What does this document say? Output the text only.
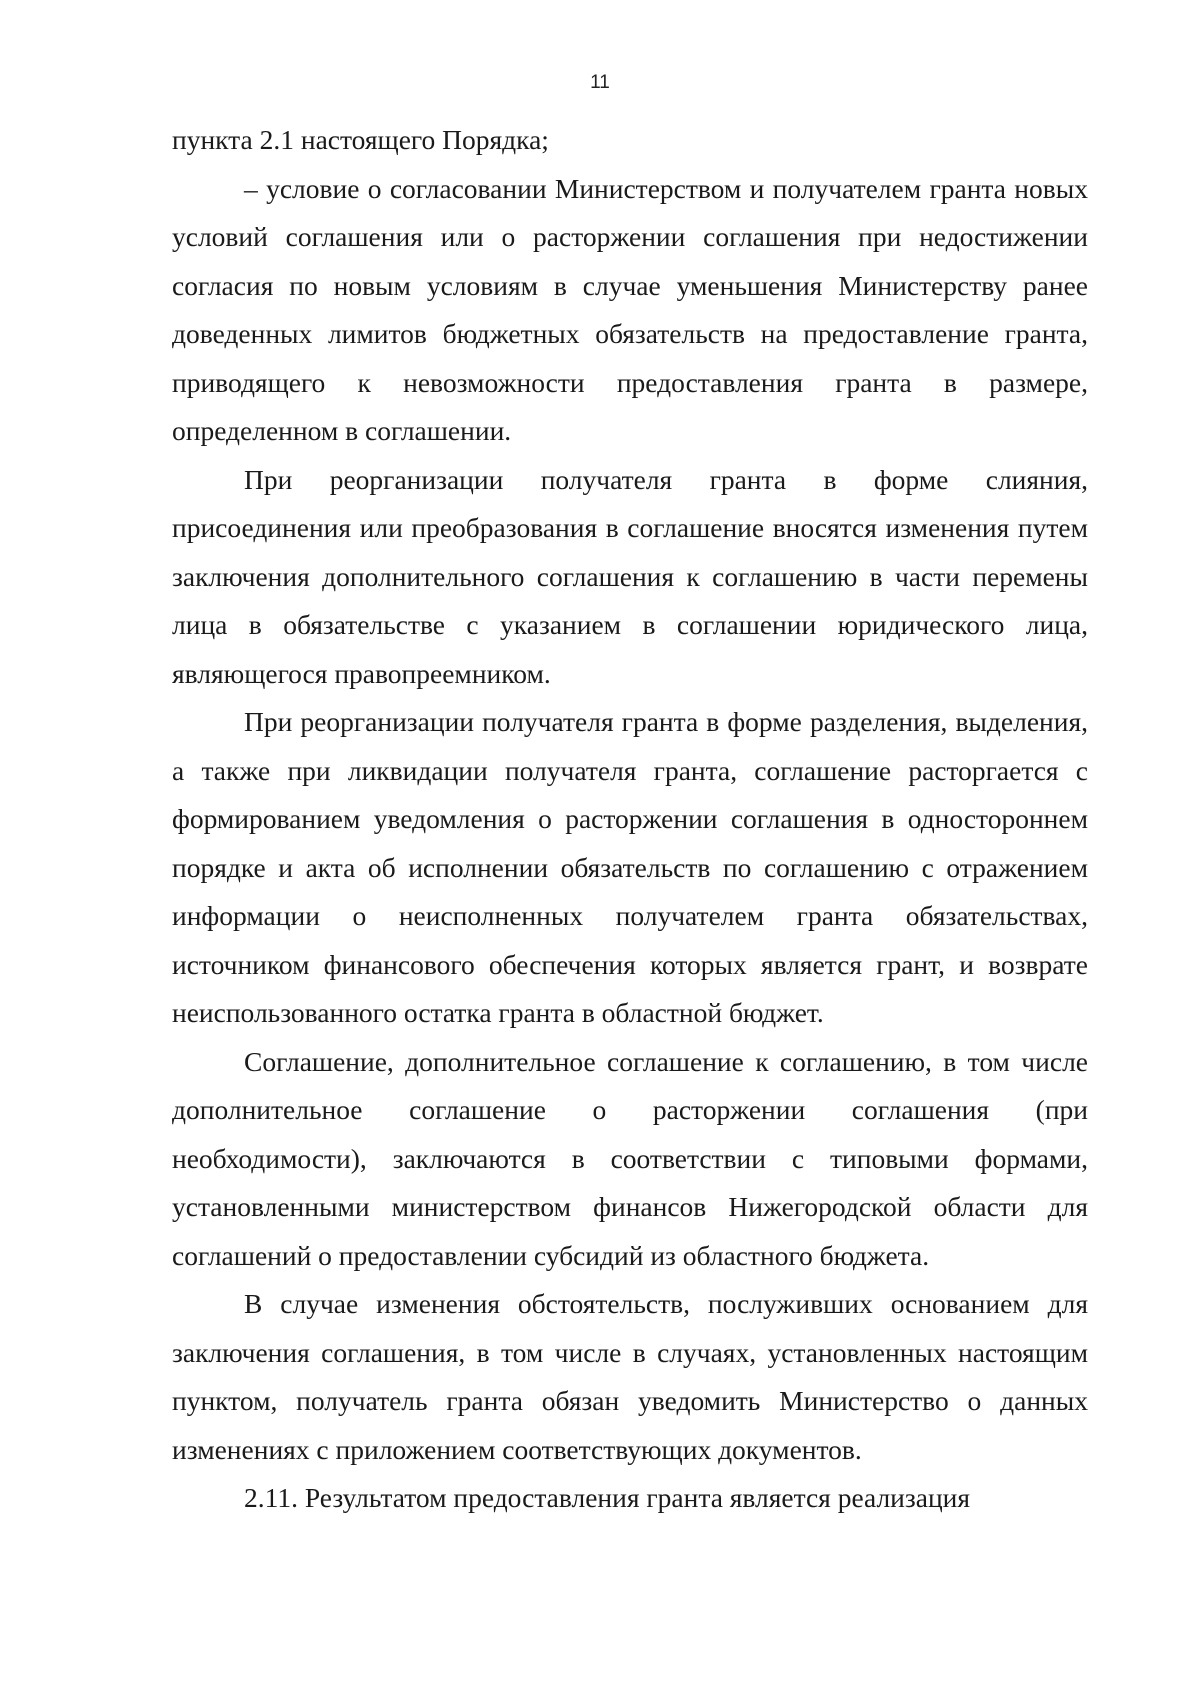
11

пункта 2.1 настоящего Порядка;

– условие о согласовании Министерством и получателем гранта новых условий соглашения или о расторжении соглашения при недостижении согласия по новым условиям в случае уменьшения Министерству ранее доведенных лимитов бюджетных обязательств на предоставление гранта, приводящего к невозможности предоставления гранта в размере, определенном в соглашении.

При реорганизации получателя гранта в форме слияния, присоединения или преобразования в соглашение вносятся изменения путем заключения дополнительного соглашения к соглашению в части перемены лица в обязательстве с указанием в соглашении юридического лица, являющегося правопреемником.

При реорганизации получателя гранта в форме разделения, выделения, а также при ликвидации получателя гранта, соглашение расторгается с формированием уведомления о расторжении соглашения в одностороннем порядке и акта об исполнении обязательств по соглашению с отражением информации о неисполненных получателем гранта обязательствах, источником финансового обеспечения которых является грант, и возврате неиспользованного остатка гранта в областной бюджет.

Соглашение, дополнительное соглашение к соглашению, в том числе дополнительное соглашение о расторжении соглашения (при необходимости), заключаются в соответствии с типовыми формами, установленными министерством финансов Нижегородской области для соглашений о предоставлении субсидий из областного бюджета.

В случае изменения обстоятельств, послуживших основанием для заключения соглашения, в том числе в случаях, установленных настоящим пунктом, получатель гранта обязан уведомить Министерство о данных изменениях с приложением соответствующих документов.

2.11. Результатом предоставления гранта является реализация
